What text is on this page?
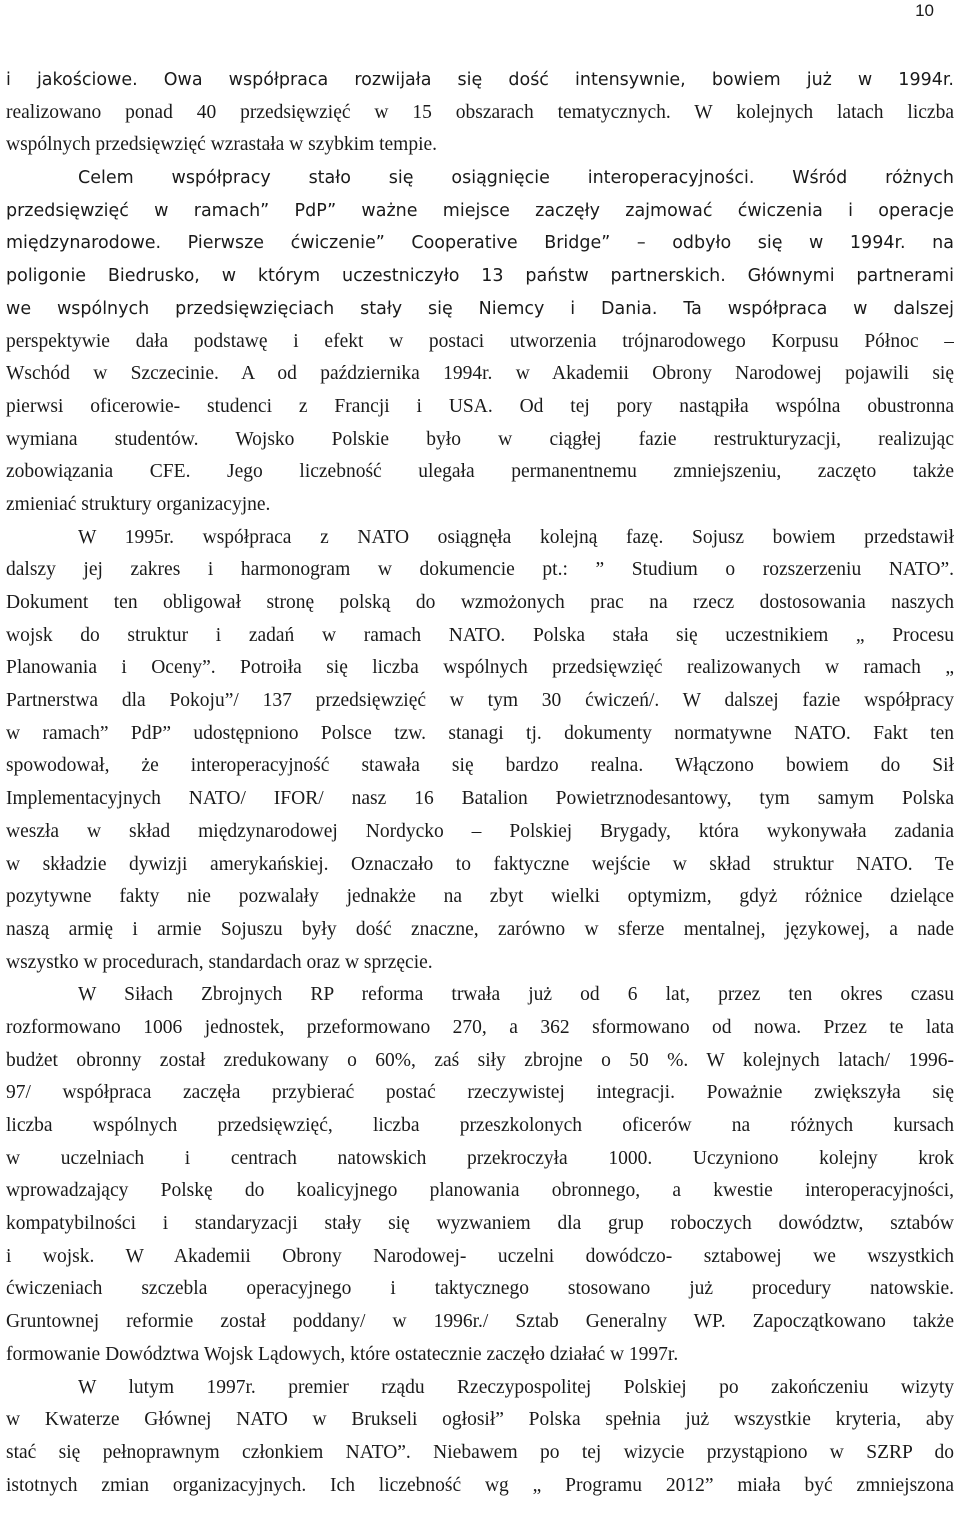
10
i jakościowe. Owa współpraca rozwijała się dość intensywnie, bowiem już w 1994r.
realizowano ponad 40 przedsięwzięć w 15 obszarach tematycznych. W kolejnych latach liczba
wspólnych przedsięwzięć wzrastała w szybkim tempie.
Celem współpracy stało się osiągnięcie interoperacyjności. Wśród różnych
przedsięwzięć w ramach” PdP” ważne miejsce zaczęły zajmować ćwiczenia i operacje
międzynarodowe. Pierwsze ćwiczenie” Cooperative Bridge” – odbyło się w 1994r. na
poligonie Biedrusko, w którym uczestniczyło 13 państw partnerskich. Głównymi partnerami
we wspólnych przedsięwzięciach stały się Niemcy i Dania. Ta współpraca w dalszej
perspektywie dała podstawę i efekt w postaci utworzenia trójnarodowego Korpusu Północ –
Wschód w Szczecinie. A od października 1994r. w Akademii Obrony Narodowej pojawili się
pierwsi oficerowie- studenci z Francji i USA. Od tej pory nastąpiła wspólna obustronna
wymiana studentów. Wojsko Polskie było w ciągłej fazie restrukturyzacji, realizując
zobowiązania CFE. Jego liczebność ulegała permanentnemu zmniejszeniu, zaczęto także
zmieniać struktury organizacyjne.
W 1995r. współpraca z NATO osiągnęła kolejną fazę. Sojusz bowiem przedstawił
dalszy jej zakres i harmonogram w dokumencie pt.: ” Studium o rozszerzeniu NATO”.
Dokument ten obligował stronę polską do wzmożonych prac na rzecz dostosowania naszych
wojsk do struktur i zadań w ramach NATO. Polska stała się uczestnikiem „ Procesu
Planowania i Oceny”. Potroiła się liczba wspólnych przedsięwzięć realizowanych w ramach „
Partnerstwa dla Pokoju”/ 137 przedsięwzięć w tym 30 ćwiczeń/. W dalszej fazie współpracy
w ramach” PdP” udostępniono Polsce tzw. stanagi tj. dokumenty normatywne NATO. Fakt ten
spowodował, że interoperacyjność stawała się bardzo realna. Włączono bowiem do Sił
Implementacyjnych NATO/ IFOR/ nasz 16 Batalion Powietrznodesantowy, tym samym Polska
weszła w skład międzynarodowej Nordycko – Polskiej Brygady, która wykonywała zadania
w składzie dywizji amerykańskiej. Oznaczało to faktyczne wejście w skład struktur NATO. Te
pozytywne fakty nie pozwalały jednakże na zbyt wielki optymizm, gdyż różnice dzielące
naszą armię i armie Sojuszu były dość znaczne, zarówno w sferze mentalnej, językowej, a nade
wszystko w procedurach, standardach oraz w sprzęcie.
W Siłach Zbrojnych RP reforma trwała już od 6 lat, przez ten okres czasu
rozformowano 1006 jednostek, przeformowano 270, a 362 sformowano od nowa. Przez te lata
budżet obronny został zredukowany o 60%, zaś siły zbrojne o 50 %. W kolejnych latach/ 1996-
97/ współpraca zaczęła przybierać postać rzeczywistej integracji. Poważnie zwiększyła się
liczba wspólnych przedsięwzięć, liczba przeszkolonych oficerów na różnych kursach
w uczelniach i centrach natowskich przekroczyła 1000. Uczyniono kolejny krok
wprowadzający Polskę do koalicyjnego planowania obronnego, a kwestie interoperacyjności,
kompatybilności i standaryzacji stały się wyzwaniem dla grup roboczych dowództw, sztabów
i wojsk. W Akademii Obrony Narodowej- uczelni dowódczo- sztabowej we wszystkich
ćwiczeniach szczebla operacyjnego i taktycznego stosowano już procedury natowskie.
Gruntownej reformie został poddany/ w 1996r./ Sztab Generalny WP. Zapoczątkowano także
formowanie Dowództwa Wojsk Lądowych, które ostatecznie zaczęło działać w 1997r.
W lutym 1997r. premier rządu Rzeczypospolitej Polskiej po zakończeniu wizyty
w Kwaterze Głównej NATO w Brukseli ogłosił” Polska spełnia już wszystkie kryteria, aby
stać się pełnoprawnym członkiem NATO”. Niebawem po tej wizycie przystąpiono w SZRP do
istotnych zmian organizacyjnych. Ich liczebność wg „ Programu 2012” miała być zmniejszona
